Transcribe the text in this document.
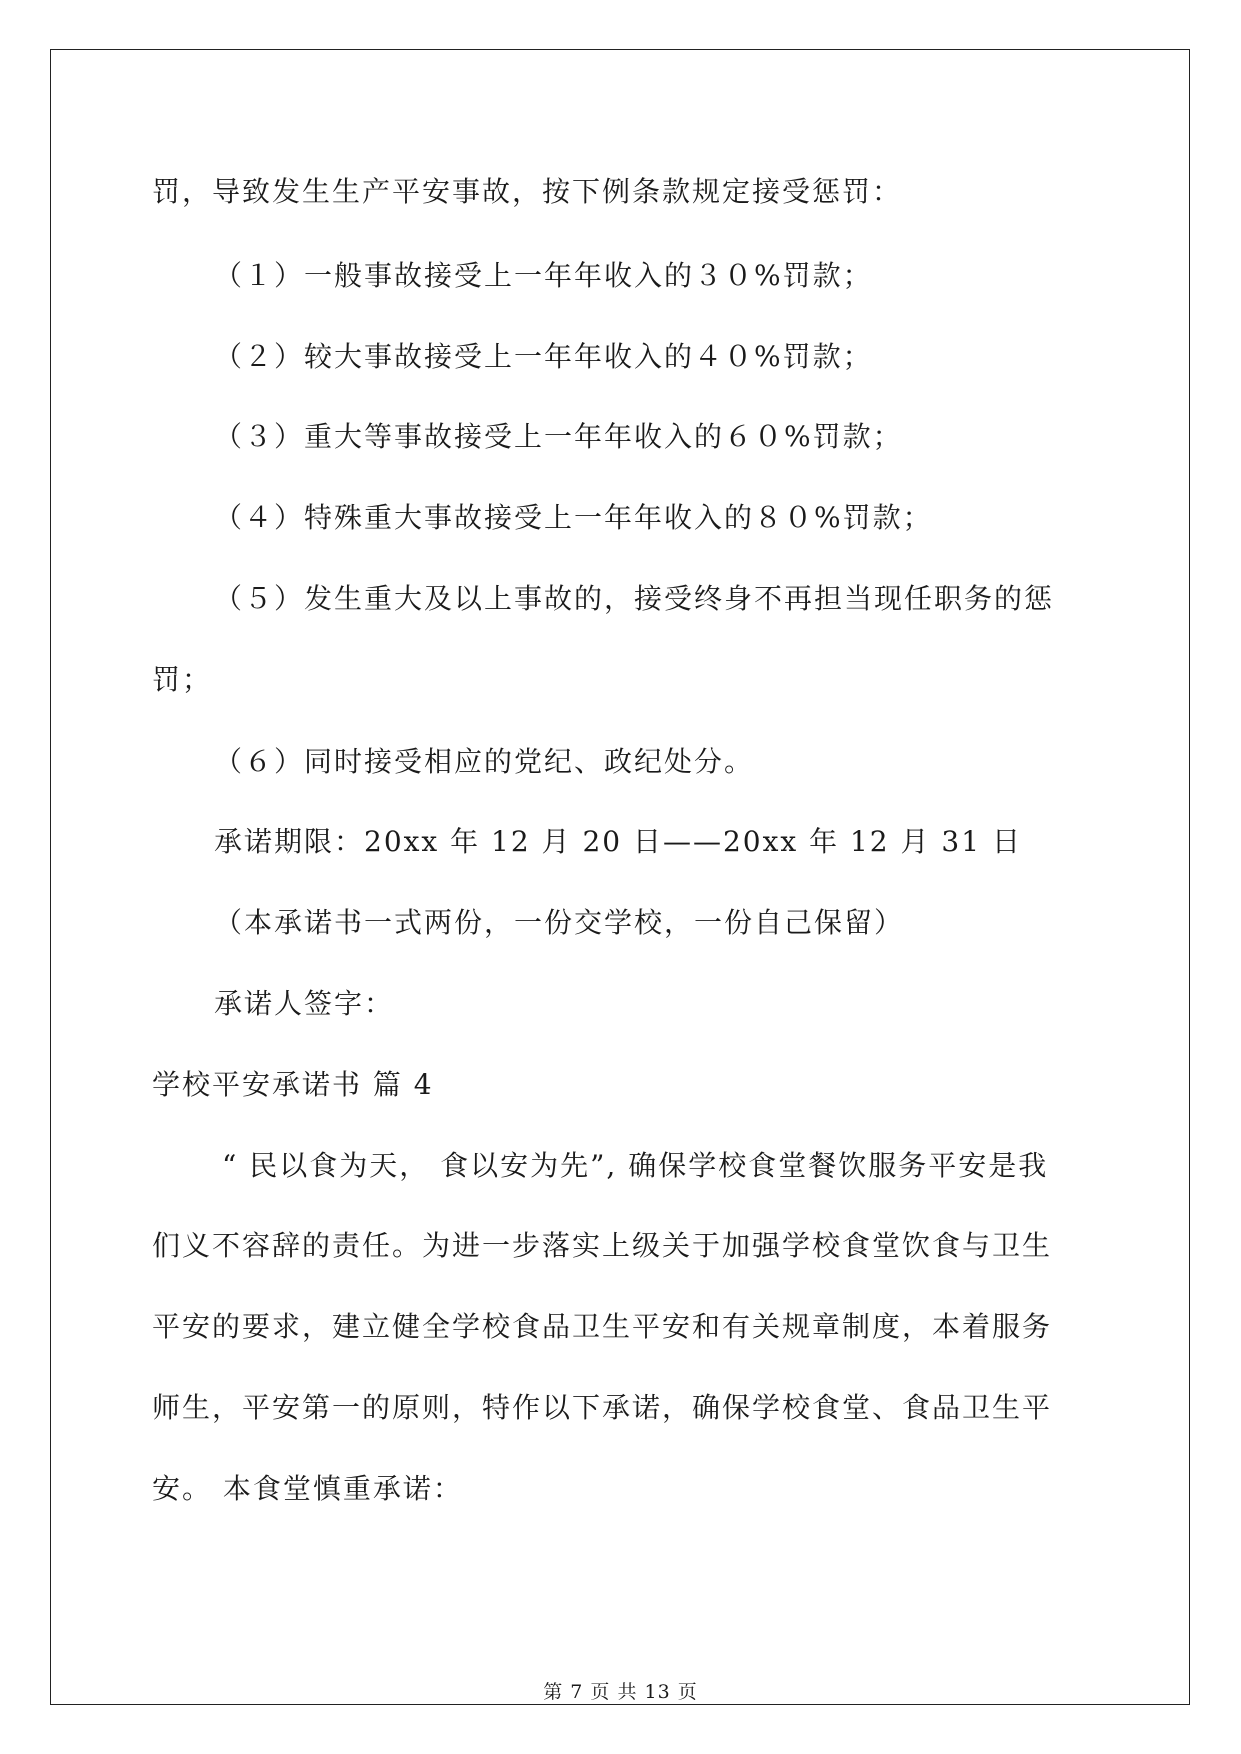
罚，导致发生生产平安事故，按下例条款规定接受惩罚：
（１）一般事故接受上一年年收入的３０%罚款；
（２）较大事故接受上一年年收入的４０%罚款；
（３）重大等事故接受上一年年收入的６０%罚款；
（４）特殊重大事故接受上一年年收入的８０%罚款；
（５）发生重大及以上事故的，接受终身不再担当现任职务的惩
罚；
（６）同时接受相应的党纪、政纪处分。
承诺期限：20xx 年 12 月 20 日——20xx 年 12 月 31 日
（本承诺书一式两份，一份交学校，一份自己保留）
承诺人签字：
学校平安承诺书 篇 4
“ 民以食为天， 食以安为先”, 确保学校食堂餐饮服务平安是我
们义不容辞的责任。为进一步落实上级关于加强学校食堂饮食与卫生
平安的要求，建立健全学校食品卫生平安和有关规章制度，本着服务
师生，平安第一的原则，特作以下承诺，确保学校食堂、食品卫生平
安。 本食堂慎重承诺：
第 7 页 共 13 页
